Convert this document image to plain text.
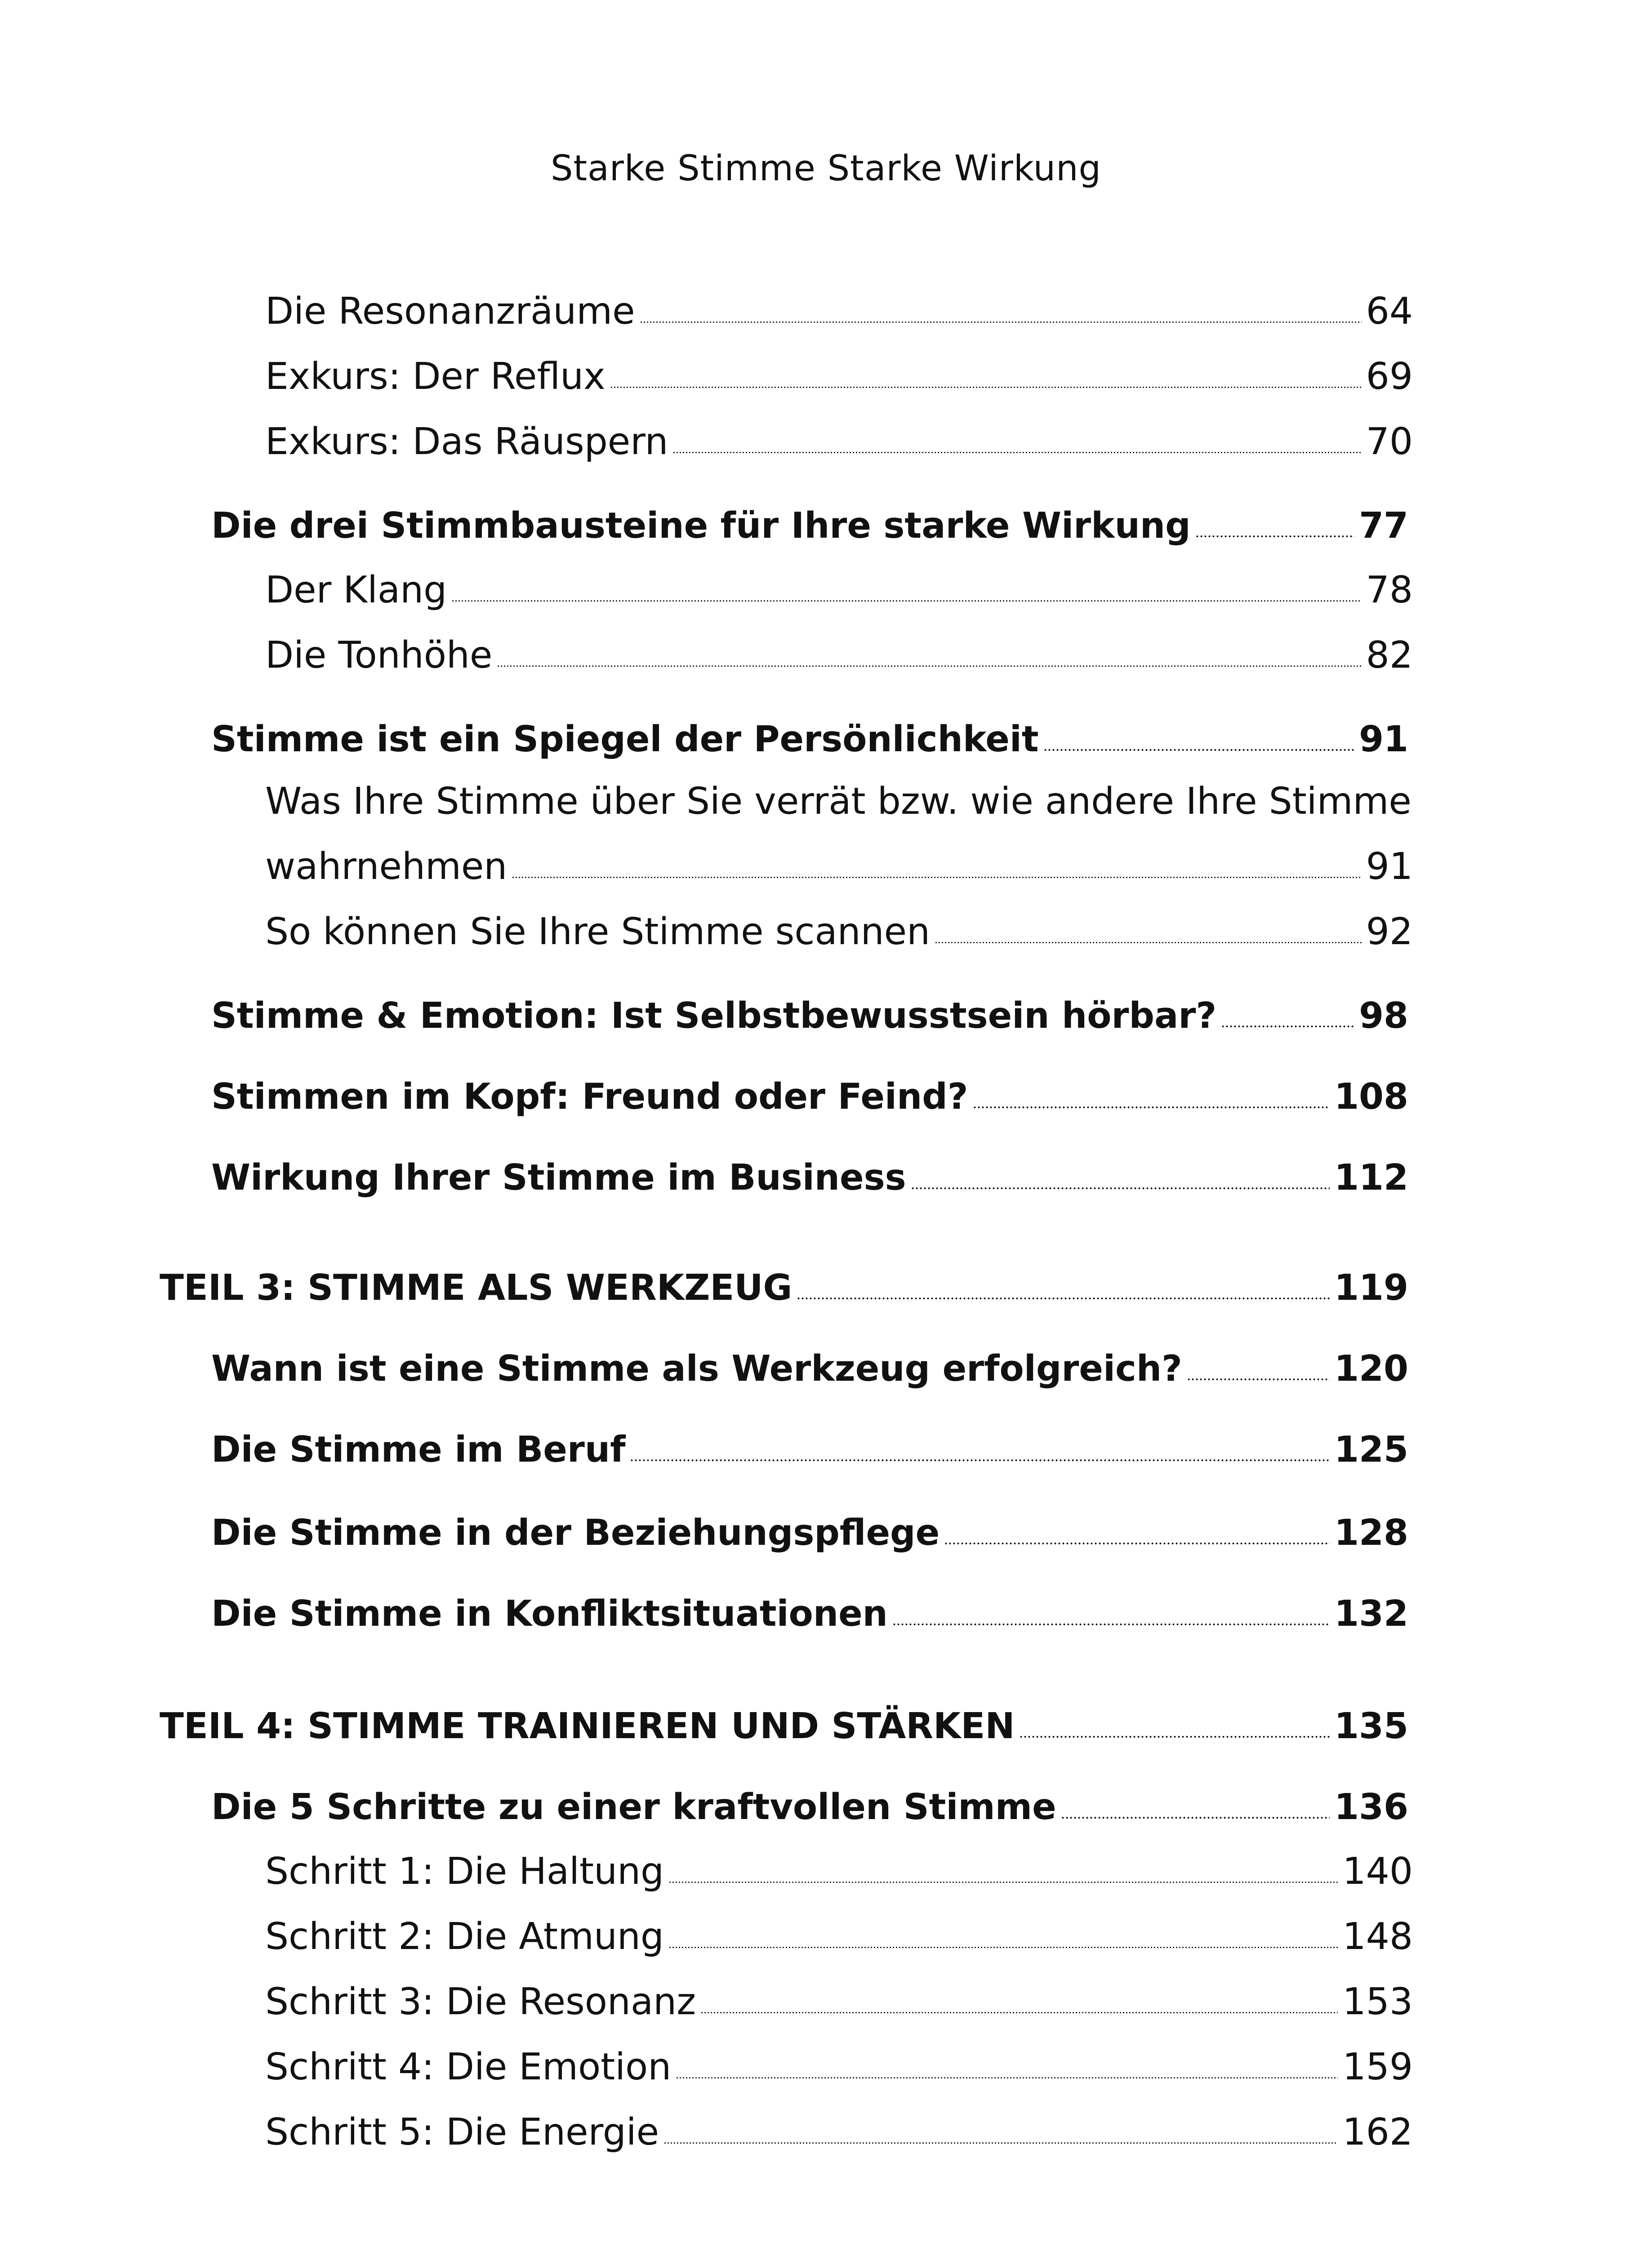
Starke Stimme Starke Wirkung
Die Resonanzräume	64
Exkurs: Der Reflux	69
Exkurs: Das Räuspern	70
Die drei Stimmbausteine für Ihre starke Wirkung	77
Der Klang	78
Die Tonhöhe	82
Stimme ist ein Spiegel der Persönlichkeit	91
Was Ihre Stimme über Sie verrät bzw. wie andere Ihre Stimme
wahrnehmen	91
So können Sie Ihre Stimme scannen	92
Stimme & Emotion: Ist Selbstbewusstsein hörbar?	98
Stimmen im Kopf: Freund oder Feind?	108
Wirkung Ihrer Stimme im Business	112
TEIL 3: STIMME ALS WERKZEUG	119
Wann ist eine Stimme als Werkzeug erfolgreich?	120
Die Stimme im Beruf	125
Die Stimme in der Beziehungspflege	128
Die Stimme in Konfliktsituationen	132
TEIL 4: STIMME TRAINIEREN UND STÄRKEN	135
Die 5 Schritte zu einer kraftvollen Stimme	136
Schritt 1: Die Haltung	140
Schritt 2: Die Atmung	148
Schritt 3: Die Resonanz	153
Schritt 4: Die Emotion	159
Schritt 5: Die Energie	162
